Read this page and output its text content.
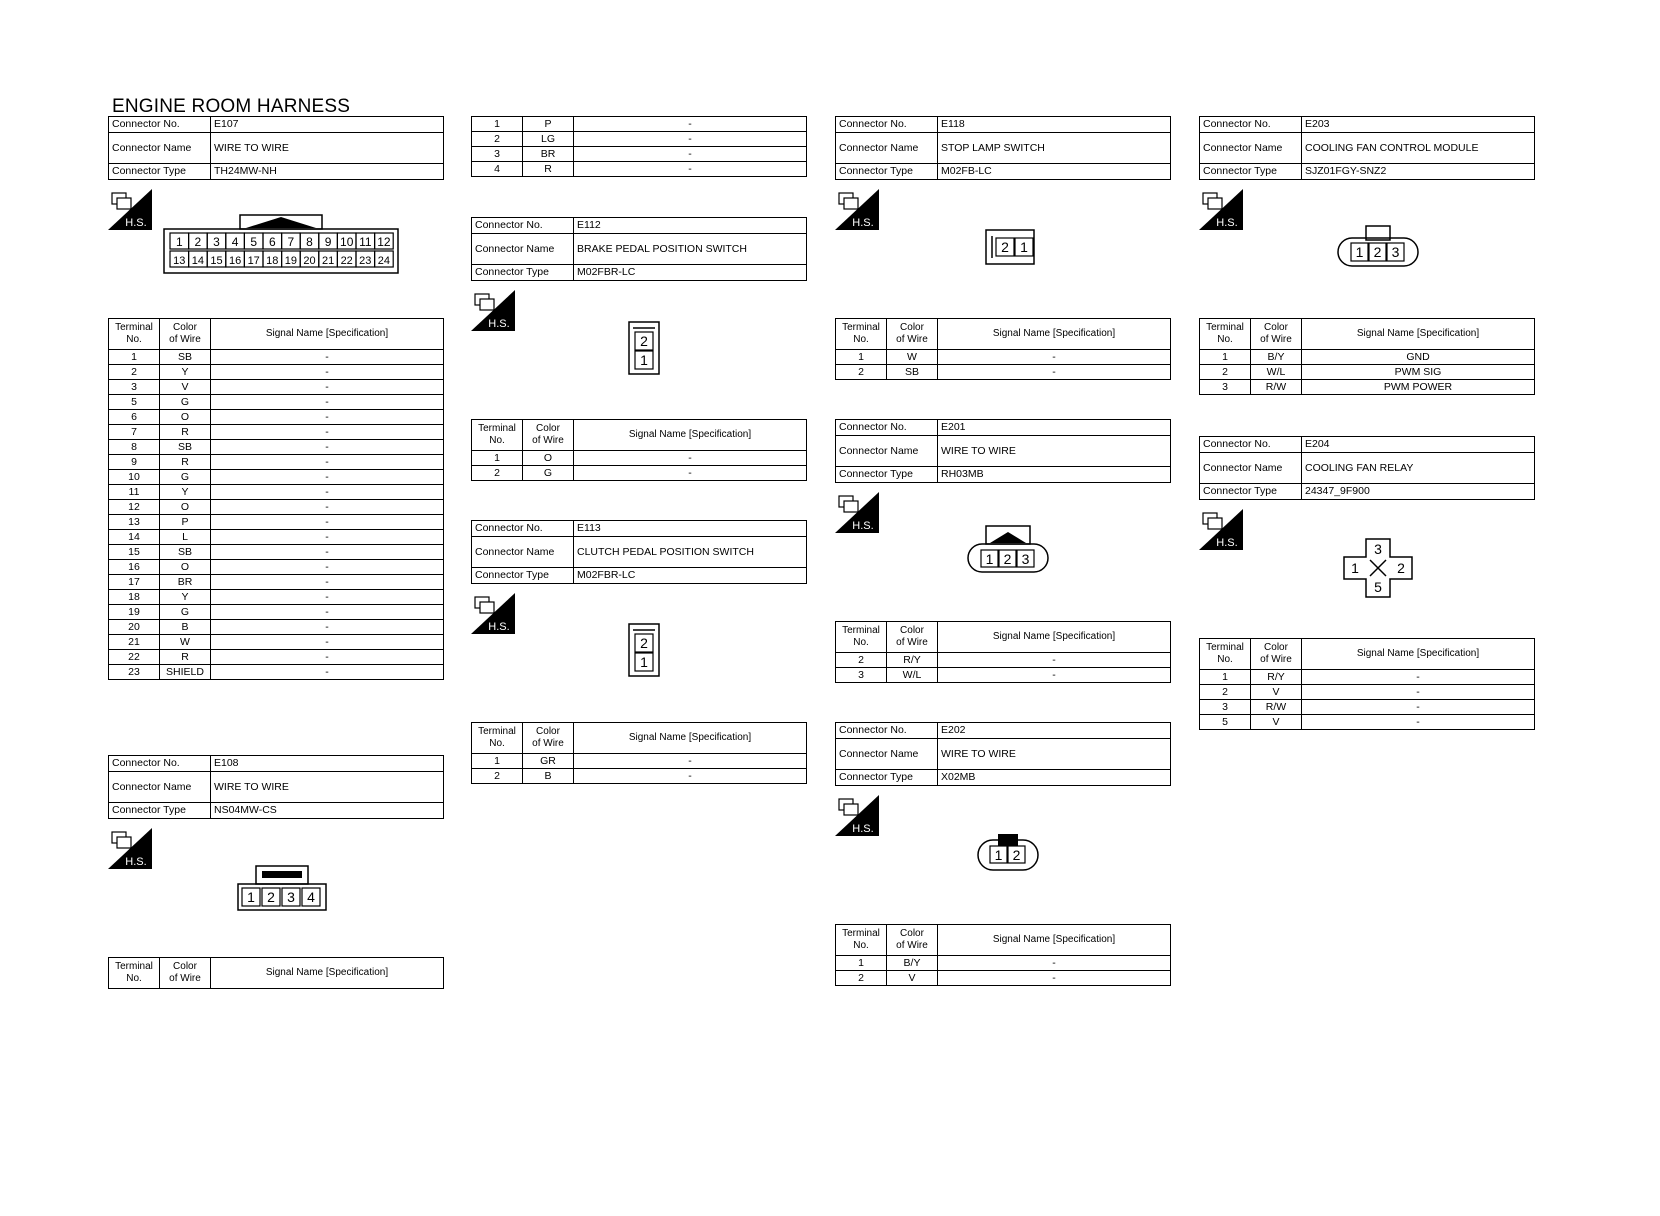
ENGINE ROOM HARNESS
Connector No.	E107
Connector Name	WIRE TO WIRE
Connector Type	TH24MW-NH
H.S.
1 2 3 4 5 6 7 8 9 10 11 12
13 14 15 16 17 18 19 20 21 22 23 24
Terminal
No.	Color
of Wire	Signal Name [Specification]
1	SB	-
2	Y	-
3	V	-
5	G	-
6	O	-
7	R	-
8	SB	-
9	R	-
10	G	-
11	Y	-
12	O	-
13	P	-
14	L	-
15	SB	-
16	O	-
17	BR	-
18	Y	-
19	G	-
20	B	-
21	W	-
22	R	-
23	SHIELD	-
Connector No.	E108
Connector Name	WIRE TO WIRE
Connector Type	NS04MW-CS
H.S.
1 2 3 4
Terminal
No.

Color
of Wire
	Signal Name [Specification]
1	P	-
2	LG	-
3	BR	-
4	R	-
Connector No.	E112
Connector Name	BRAKE PEDAL POSITION SWITCH
Connector Type	M02FBR-LC
H.S.
2
1
Terminal
No.	Color
of Wire	Signal Name [Specification]
1	O	-
2	G	-
Connector No.	E113
Connector Name	CLUTCH PEDAL POSITION SWITCH
Connector Type	M02FBR-LC
H.S.
2
1
Terminal
No.	Color
of Wire	Signal Name [Specification]
1	GR	-
2	B	-
Connector No.	E118
Connector Name	STOP LAMP SWITCH
Connector Type	M02FB-LC
H.S.
2 1
Terminal
No.	Color
of Wire	Signal Name [Specification]
1	W	-
2	SB	-
Connector No.	E201
Connector Name	WIRE TO WIRE
Connector Type	RH03MB
H.S.
1 2 3
Terminal
No.	Color
of Wire	Signal Name [Specification]
2	R/Y	-
3	W/L	-
Connector No.	E202
Connector Name	WIRE TO WIRE
Connector Type	X02MB
H.S.
1 2
Terminal
No.	Color
of Wire	Signal Name [Specification]
1	B/Y	-
2	V	-
Connector No.	E203
Connector Name	COOLING FAN CONTROL MODULE
Connector Type	SJZ01FGY-SNZ2
H.S.
1 2 3
Terminal
No.	Color
of Wire	Signal Name [Specification]
1	B/Y	GND
2	W/L	PWM SIG
3	R/W	PWM POWER
Connector No.	E204
Connector Name	COOLING FAN RELAY
Connector Type	24347_9F900
H.S.	3
1	2
5
Terminal
No.	Color
of Wire	Signal Name [Specification]
1	R/Y	-
2	V	-
3	R/W	-
5	V	-
